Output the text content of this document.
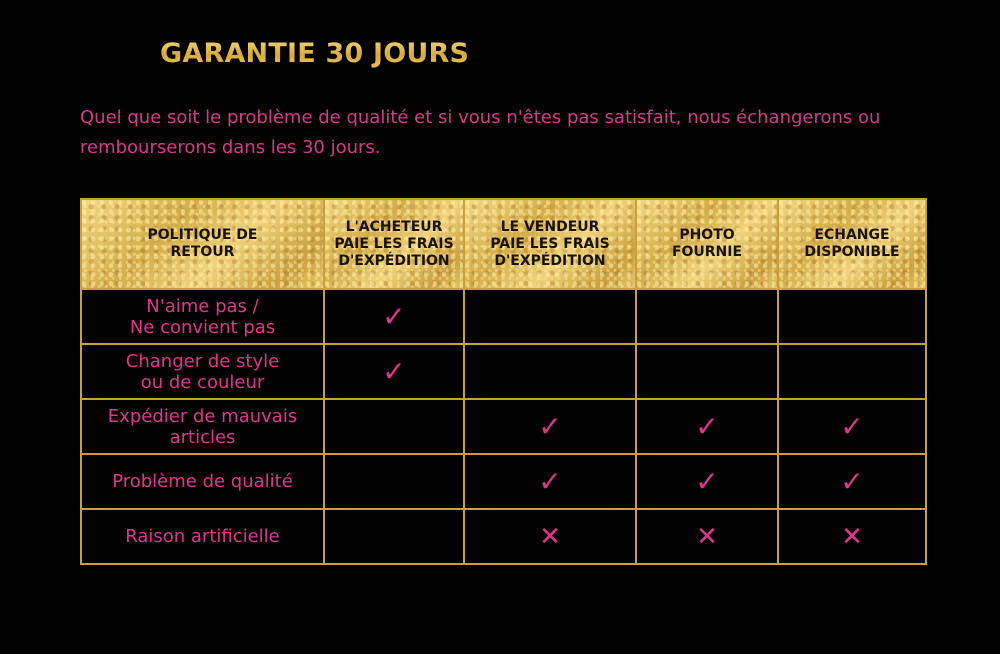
GARANTIE 30 JOURS
Quel que soit le problème de qualité et si vous n'êtes pas satisfait, nous échangerons ou rembourserons dans les 30 jours.
POLITIQUE DE
RETOUR	L'ACHETEUR
PAIE LES FRAIS
D'EXPÉDITION	LE VENDEUR
PAIE LES FRAIS
D'EXPÉDITION	PHOTO
FOURNIE	ECHANGE
DISPONIBLE
N'aime pas /
Ne convient pas	✓			
Changer de style
ou de couleur	✓			
Expédier de mauvais
articles		✓	✓	✓
Problème de qualité		✓	✓	✓
Raison artificielle		✕	✕	✕
